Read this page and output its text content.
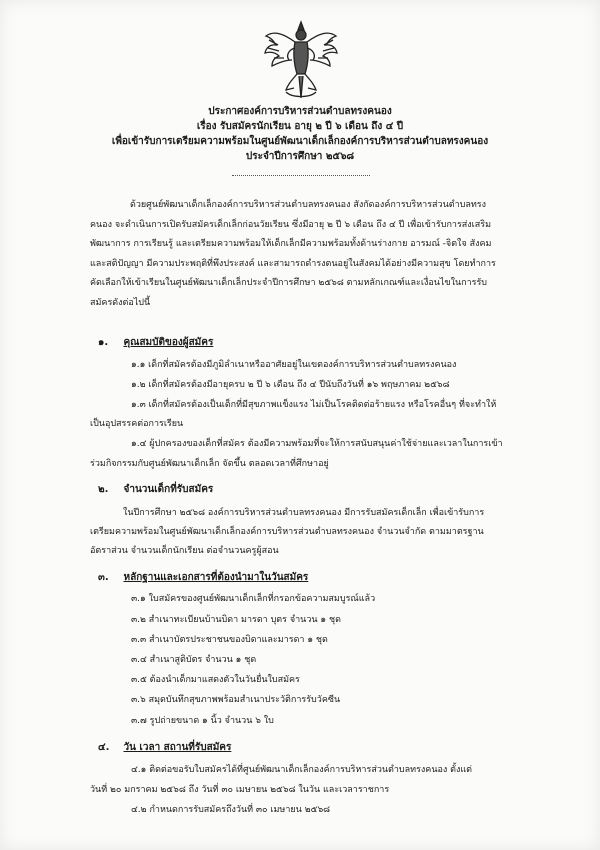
ประกาศองค์การบริหารส่วนตำบลทรงคนอง
เรื่อง รับสมัครนักเรียน อายุ ๒ ปี ๖ เดือน ถึง ๔ ปี
เพื่อเข้ารับการเตรียมความพร้อมในศูนย์พัฒนาเด็กเล็กองค์การบริหารส่วนตำบลทรงคนอง
ประจำปีการศึกษา ๒๕๖๘
ด้วยศูนย์พัฒนาเด็กเล็กองค์การบริหารส่วนตำบลทรงคนอง สังกัดองค์การบริหารส่วนตำบลทรง
คนอง จะดำเนินการเปิดรับสมัครเด็กเล็กก่อนวัยเรียน ซึ่งมีอายุ ๒ ปี ๖ เดือน ถึง ๔ ปี เพื่อเข้ารับการส่งเสริม
พัฒนาการ การเรียนรู้ และเตรียมความพร้อมให้เด็กเล็กมีความพร้อมทั้งด้านร่างกาย อารมณ์ -จิตใจ สังคม
และสติปัญญา มีความประพฤติที่พึงประสงค์ และสามารถดำรงตนอยู่ในสังคมได้อย่างมีความสุข โดยทำการ
คัดเลือกให้เข้าเรียนในศูนย์พัฒนาเด็กเล็กประจำปีการศึกษา ๒๕๖๘ ตามหลักเกณฑ์และเงื่อนไขในการรับ
สมัครดังต่อไปนี้
๑. คุณสมบัติของผู้สมัคร
๑.๑ เด็กที่สมัครต้องมีภูมิลำเนาหรืออาศัยอยู่ในเขตองค์การบริหารส่วนตำบลทรงคนอง
๑.๒ เด็กที่สมัครต้องมีอายุครบ ๒ ปี ๖ เดือน ถึง ๔ ปีนับถึงวันที่ ๑๖ พฤษภาคม ๒๕๖๘
๑.๓ เด็กที่สมัครต้องเป็นเด็กที่มีสุขภาพแข็งแรง ไม่เป็นโรคติดต่อร้ายแรง หรือโรคอื่นๆ ที่จะทำให้
เป็นอุปสรรคต่อการเรียน
๑.๔ ผู้ปกครองของเด็กที่สมัคร ต้องมีความพร้อมที่จะให้การสนับสนุนค่าใช้จ่ายและเวลาในการเข้า
ร่วมกิจกรรมกับศูนย์พัฒนาเด็กเล็ก จัดขึ้น ตลอดเวลาที่ศึกษาอยู่
๒. จำนวนเด็กที่รับสมัคร
ในปีการศึกษา ๒๕๖๘ องค์การบริหารส่วนตำบลทรงคนอง มีการรับสมัครเด็กเล็ก เพื่อเข้ารับการ
เตรียมความพร้อมในศูนย์พัฒนาเด็กเล็กองค์การบริหารส่วนตำบลทรงคนอง จำนวนจำกัด ตามมาตรฐาน
อัตราส่วน จำนวนเด็กนักเรียน ต่อจำนวนครูผู้สอน
๓. หลักฐานและเอกสารที่ต้องนำมาในวันสมัคร
๓.๑ ใบสมัครของศูนย์พัฒนาเด็กเล็กที่กรอกข้อความสมบูรณ์แล้ว
๓.๒ สำเนาทะเบียนบ้านบิดา มารดา บุตร จำนวน ๑ ชุด
๓.๓ สำเนาบัตรประชาชนของบิดาและมารดา ๑ ชุด
๓.๔ สำเนาสูติบัตร จำนวน ๑ ชุด
๓.๕ ต้องนำเด็กมาแสดงตัวในวันยื่นใบสมัคร
๓.๖ สมุดบันทึกสุขภาพพร้อมสำเนาประวัติการรับวัคซีน
๓.๗ รูปถ่ายขนาด ๑ นิ้ว จำนวน ๖ ใบ
๔. วัน เวลา สถานที่รับสมัคร
๔.๑ ติดต่อขอรับใบสมัครได้ที่ศูนย์พัฒนาเด็กเล็กองค์การบริหารส่วนตำบลทรงคนอง ตั้งแต่
วันที่ ๒๐ มกราคม ๒๕๖๘ ถึง วันที่ ๓๐ เมษายน ๒๕๖๘ ในวัน และเวลาราชการ
๔.๒ กำหนดการรับสมัครถึงวันที่ ๓๐ เมษายน ๒๕๖๘
